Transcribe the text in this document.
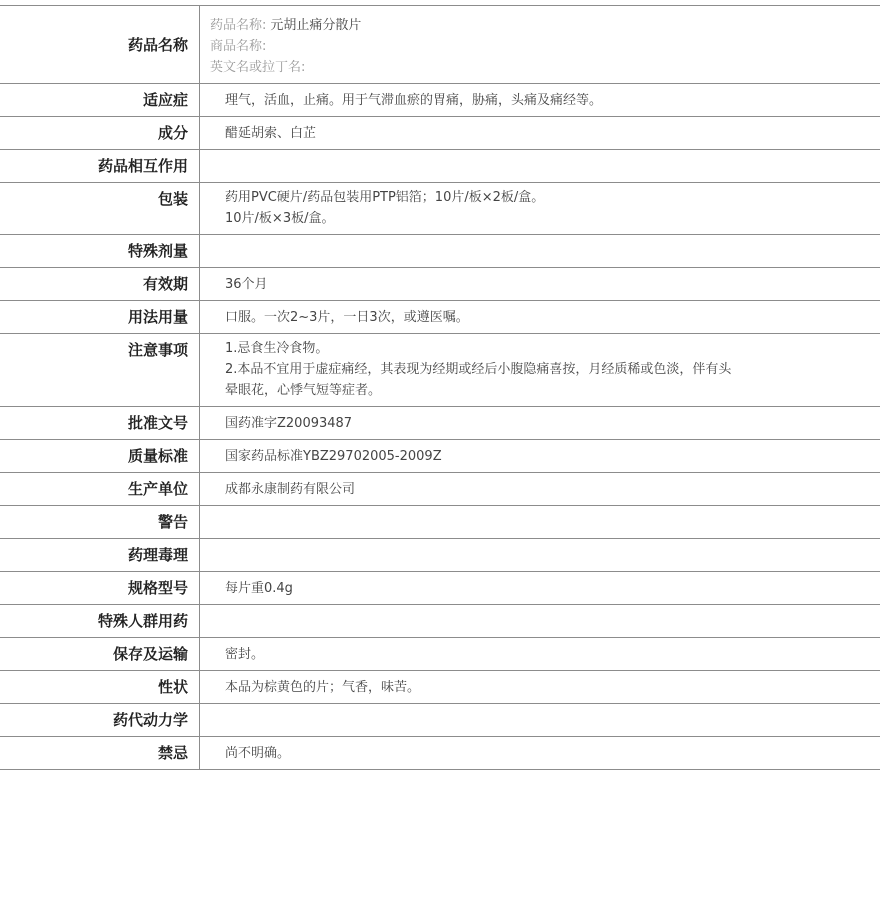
药品名称
药品名称: 元胡止痛分散片
商品名称:
英文名或拉丁名:
适应症	理气，活血，止痛。用于气滞血瘀的胃痛，胁痛，头痛及痛经等。
成分	醋延胡索、白芷
药品相互作用
包装	药用PVC硬片/药品包装用PTP铝箔；10片/板×2板/盒。
10片/板×3板/盒。
特殊剂量
有效期	36个月
用法用量	口服。一次2~3片，一日3次，或遵医嘱。
注意事项	1.忌食生冷食物。
2.本品不宜用于虚症痛经，其表现为经期或经后小腹隐痛喜按，月经质稀或色淡，伴有头
晕眼花，心悸气短等症者。
批准文号	国药准字Z20093487
质量标准	国家药品标准YBZ29702005-2009Z
生产单位	成都永康制药有限公司
警告
药理毒理
规格型号	每片重0.4g
特殊人群用药
保存及运输	密封。
性状	本品为棕黄色的片；气香，味苦。
药代动力学
禁忌	尚不明确。
